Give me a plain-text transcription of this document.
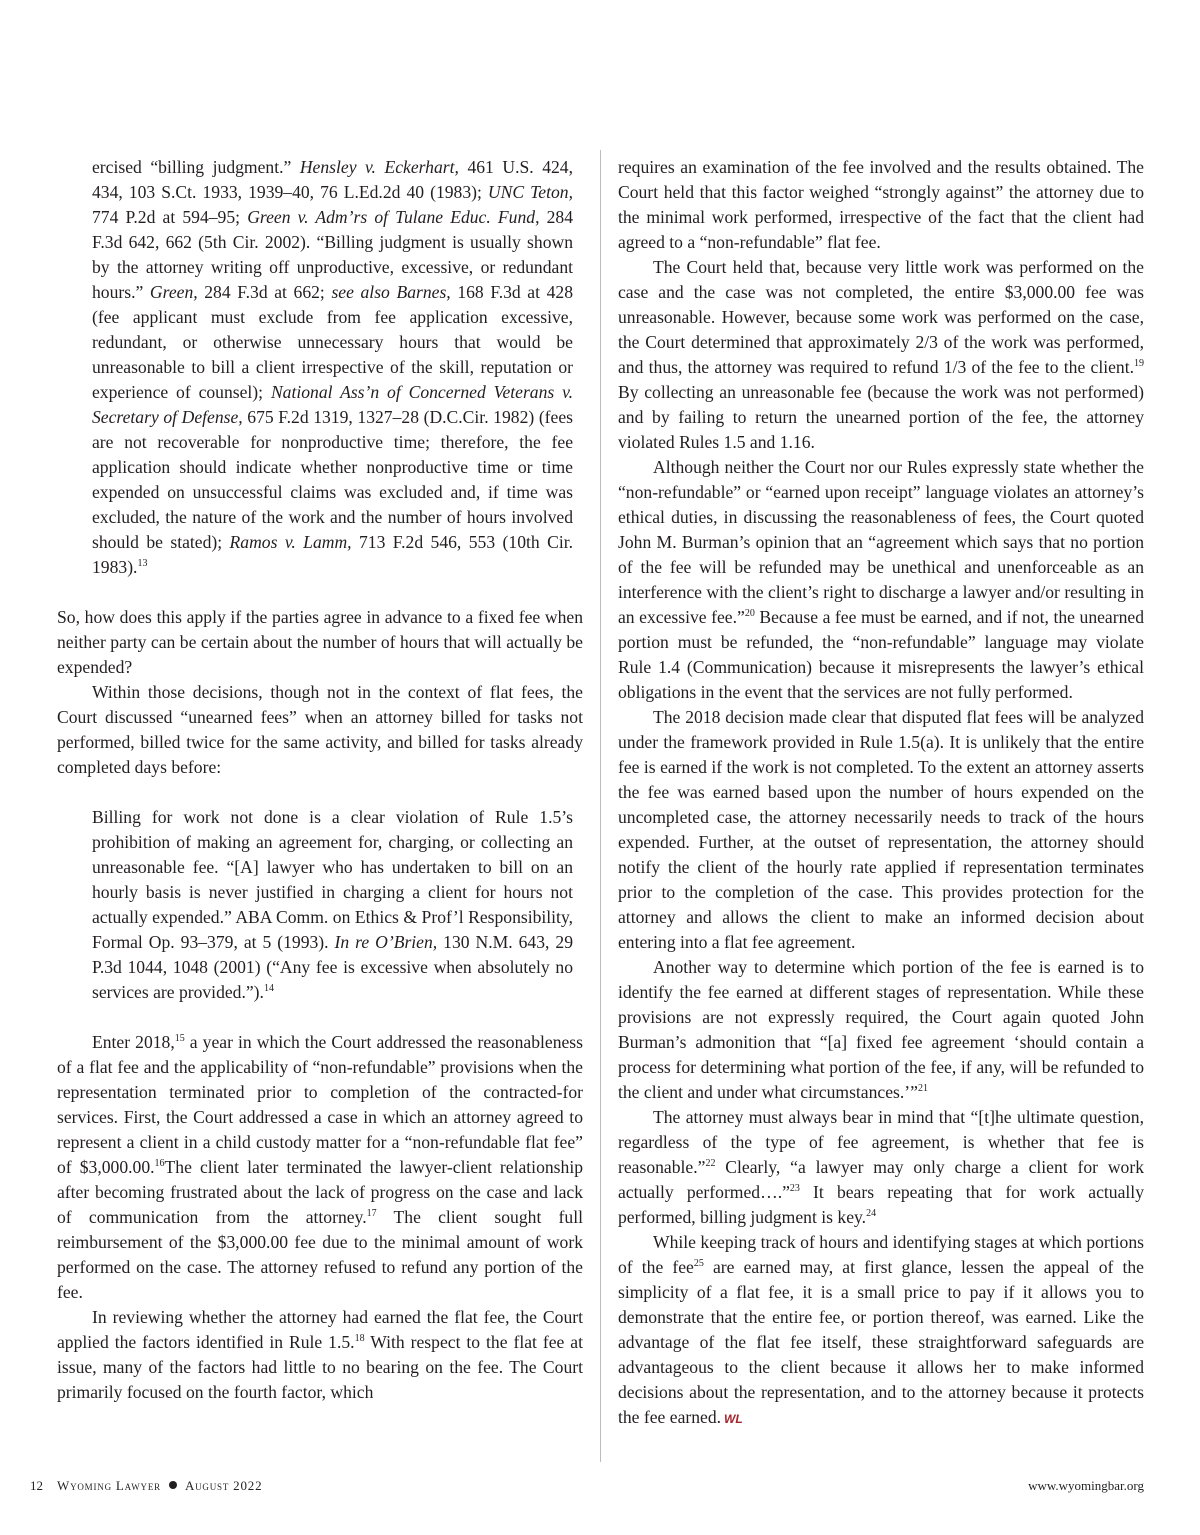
ercised “billing judgment.” Hensley v. Eckerhart, 461 U.S. 424, 434, 103 S.Ct. 1933, 1939–40, 76 L.Ed.2d 40 (1983); UNC Teton, 774 P.2d at 594–95; Green v. Adm’rs of Tulane Educ. Fund, 284 F.3d 642, 662 (5th Cir. 2002). “Billing judgment is usually shown by the attorney writing off unproductive, excessive, or redundant hours.” Green, 284 F.3d at 662; see also Barnes, 168 F.3d at 428 (fee applicant must exclude from fee application excessive, redundant, or otherwise unnecessary hours that would be unreasonable to bill a client irrespective of the skill, reputation or experience of counsel); National Ass’n of Concerned Veterans v. Secretary of Defense, 675 F.2d 1319, 1327–28 (D.C.Cir. 1982) (fees are not recoverable for nonproductive time; therefore, the fee application should indicate whether nonproductive time or time expended on unsuccessful claims was excluded and, if time was excluded, the nature of the work and the number of hours involved should be stated); Ramos v. Lamm, 713 F.2d 546, 553 (10th Cir. 1983).$^{13}$

So, how does this apply if the parties agree in advance to a fixed fee when neither party can be certain about the number of hours that will actually be expended?

Within those decisions, though not in the context of flat fees, the Court discussed “unearned fees” when an attorney billed for tasks not performed, billed twice for the same activity, and billed for tasks already completed days before:

Billing for work not done is a clear violation of Rule 1.5’s prohibition of making an agreement for, charging, or collecting an unreasonable fee. “[A] lawyer who has undertaken to bill on an hourly basis is never justified in charging a client for hours not actually expended.” ABA Comm. on Ethics & Prof’l Responsibility, Formal Op. 93–379, at 5 (1993). In re O’Brien, 130 N.M. 643, 29 P.3d 1044, 1048 (2001) (“Any fee is excessive when absolutely no services are provided.”).$^{14}$

Enter 2018,15 a year in which the Court addressed the reasonableness of a flat fee and the applicability of “non-refundable” provisions when the representation terminated prior to completion of the contracted-for services. First, the Court addressed a case in which an attorney agreed to represent a client in a child custody matter for a “non-refundable flat fee” of $3,000.00.16The client later terminated the lawyer-client relationship after becoming frustrated about the lack of progress on the case and lack of communication from the attorney.$^{17}$ The client sought full reimbursement of the $3,000.00 fee due to the minimal amount of work performed on the case. The attorney refused to refund any portion of the fee.

In reviewing whether the attorney had earned the flat fee, the Court applied the factors identified in Rule 1.5.18 With respect to the flat fee at issue, many of the factors had little to no bearing on the fee. The Court primarily focused on the fourth factor, which

requires an examination of the fee involved and the results obtained. The Court held that this factor weighed “strongly against” the attorney due to the minimal work performed, irrespective of the fact that the client had agreed to a “non-refundable” flat fee.

The Court held that, because very little work was performed on the case and the case was not completed, the entire $3,000.00 fee was unreasonable. However, because some work was performed on the case, the Court determined that approximately 2/3 of the work was performed, and thus, the attorney was required to refund 1/3 of the fee to the client.$^{19}$ By collecting an unreasonable fee (because the work was not performed) and by failing to return the unearned portion of the fee, the attorney violated Rules 1.5 and 1.16.

Although neither the Court nor our Rules expressly state whether the “non-refundable” or “earned upon receipt” language violates an attorney’s ethical duties, in discussing the reasonableness of fees, the Court quoted John M. Burman’s opinion that an “agreement which says that no portion of the fee will be refunded may be unethical and unenforceable as an interference with the client’s right to discharge a lawyer and/or resulting in an excessive fee.”$^{20}$ Because a fee must be earned, and if not, the unearned portion must be refunded, the “non-refundable” language may violate Rule 1.4 (Communication) because it misrepresents the lawyer’s ethical obligations in the event that the services are not fully performed.

The 2018 decision made clear that disputed flat fees will be analyzed under the framework provided in Rule 1.5(a). It is unlikely that the entire fee is earned if the work is not completed. To the extent an attorney asserts the fee was earned based upon the number of hours expended on the uncompleted case, the attorney necessarily needs to track of the hours expended. Further, at the outset of representation, the attorney should notify the client of the hourly rate applied if representation terminates prior to the completion of the case. This provides protection for the attorney and allows the client to make an informed decision about entering into a flat fee agreement.

Another way to determine which portion of the fee is earned is to identify the fee earned at different stages of representation. While these provisions are not expressly required, the Court again quoted John Burman’s admonition that “[a] fixed fee agreement ‘should contain a process for determining what portion of the fee, if any, will be refunded to the client and under what circumstances.’”$^{21}$

The attorney must always bear in mind that “[t]he ultimate question, regardless of the type of fee agreement, is whether that fee is reasonable.”$^{22}$ Clearly, “a lawyer may only charge a client for work actually performed….”$^{23}$ It bears repeating that for work actually performed, billing judgment is key.$^{24}$

While keeping track of hours and identifying stages at which portions of the fee$^{25}$ are earned may, at first glance, lessen the appeal of the simplicity of a flat fee, it is a small price to pay if it allows you to demonstrate that the entire fee, or portion thereof, was earned. Like the advantage of the flat fee itself, these straightforward safeguards are advantageous to the client because it allows her to make informed decisions about the representation, and to the attorney because it protects the fee earned. WL

12 Wyoming Lawyer August 2022	www.wyomingbar.org
